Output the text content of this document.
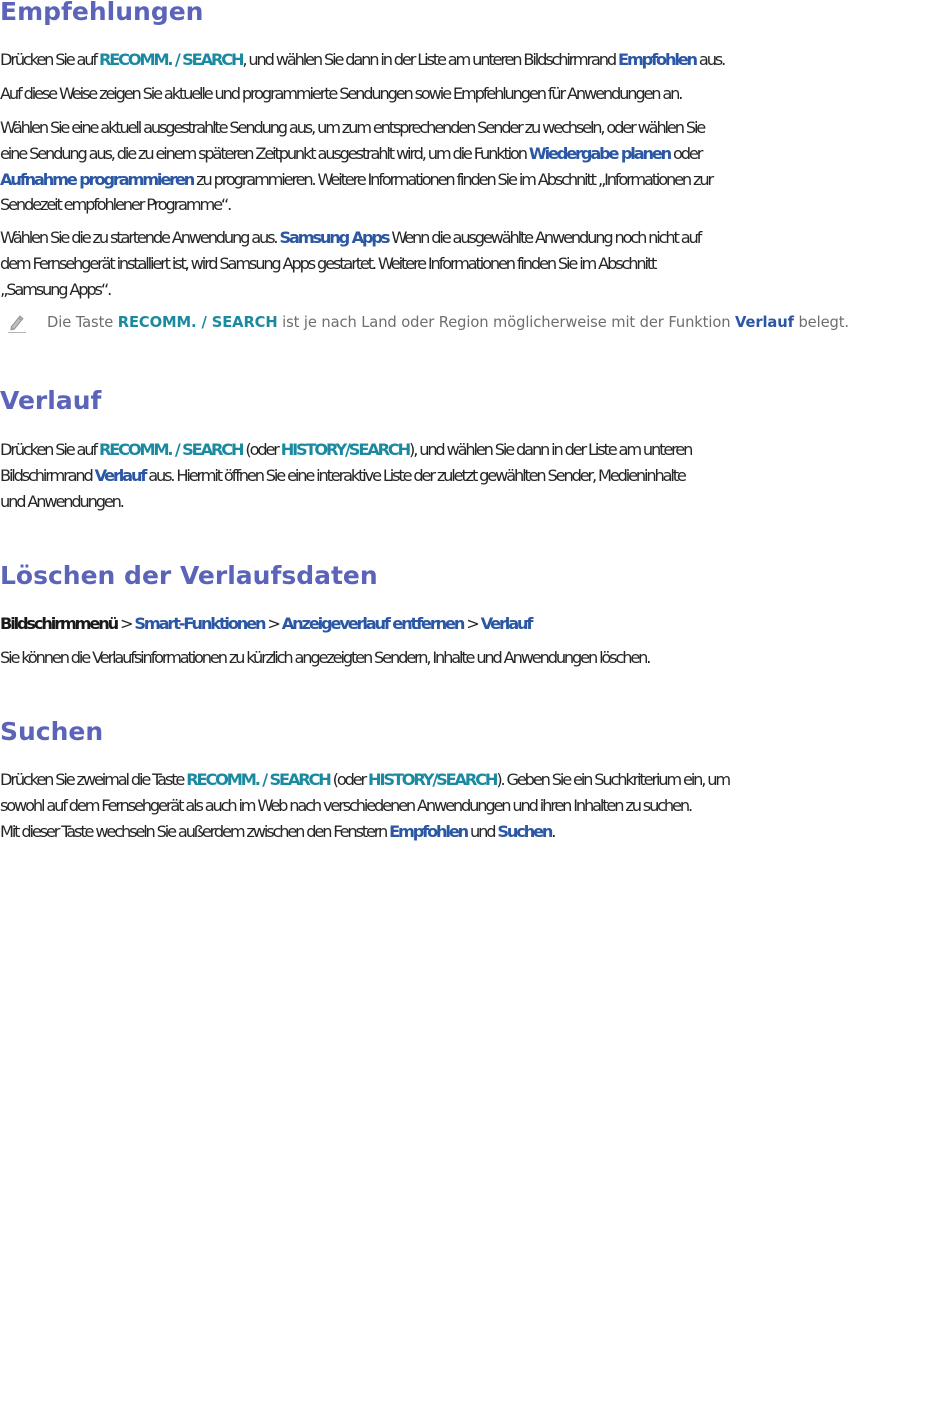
Empfehlungen
Drücken Sie auf RECOMM. / SEARCH, und wählen Sie dann in der Liste am unteren Bildschirmrand Empfohlen aus.
Auf diese Weise zeigen Sie aktuelle und programmierte Sendungen sowie Empfehlungen für Anwendungen an.
Wählen Sie eine aktuell ausgestrahlte Sendung aus, um zum entsprechenden Sender zu wechseln, oder wählen Sie
eine Sendung aus, die zu einem späteren Zeitpunkt ausgestrahlt wird, um die Funktion Wiedergabe planen oder
Aufnahme programmieren zu programmieren. Weitere Informationen finden Sie im Abschnitt „Informationen zur
Sendezeit empfohlener Programme“.
Wählen Sie die zu startende Anwendung aus. Samsung Apps Wenn die ausgewählte Anwendung noch nicht auf
dem Fernsehgerät installiert ist, wird Samsung Apps gestartet. Weitere Informationen finden Sie im Abschnitt
„Samsung Apps“.
Die Taste RECOMM. / SEARCH ist je nach Land oder Region möglicherweise mit der Funktion Verlauf belegt.
Verlauf
Drücken Sie auf RECOMM. / SEARCH (oder HISTORY/SEARCH), und wählen Sie dann in der Liste am unteren
Bildschirmrand Verlauf aus. Hiermit öffnen Sie eine interaktive Liste der zuletzt gewählten Sender, Medieninhalte
und Anwendungen.
Löschen der Verlaufsdaten
Bildschirmmenü > Smart-Funktionen > Anzeigeverlauf entfernen > Verlauf
Sie können die Verlaufsinformationen zu kürzlich angezeigten Sendern, Inhalte und Anwendungen löschen.
Suchen
Drücken Sie zweimal die Taste RECOMM. / SEARCH (oder HISTORY/SEARCH). Geben Sie ein Suchkriterium ein, um
sowohl auf dem Fernsehgerät als auch im Web nach verschiedenen Anwendungen und ihren Inhalten zu suchen.
Mit dieser Taste wechseln Sie außerdem zwischen den Fenstern Empfohlen und Suchen.
